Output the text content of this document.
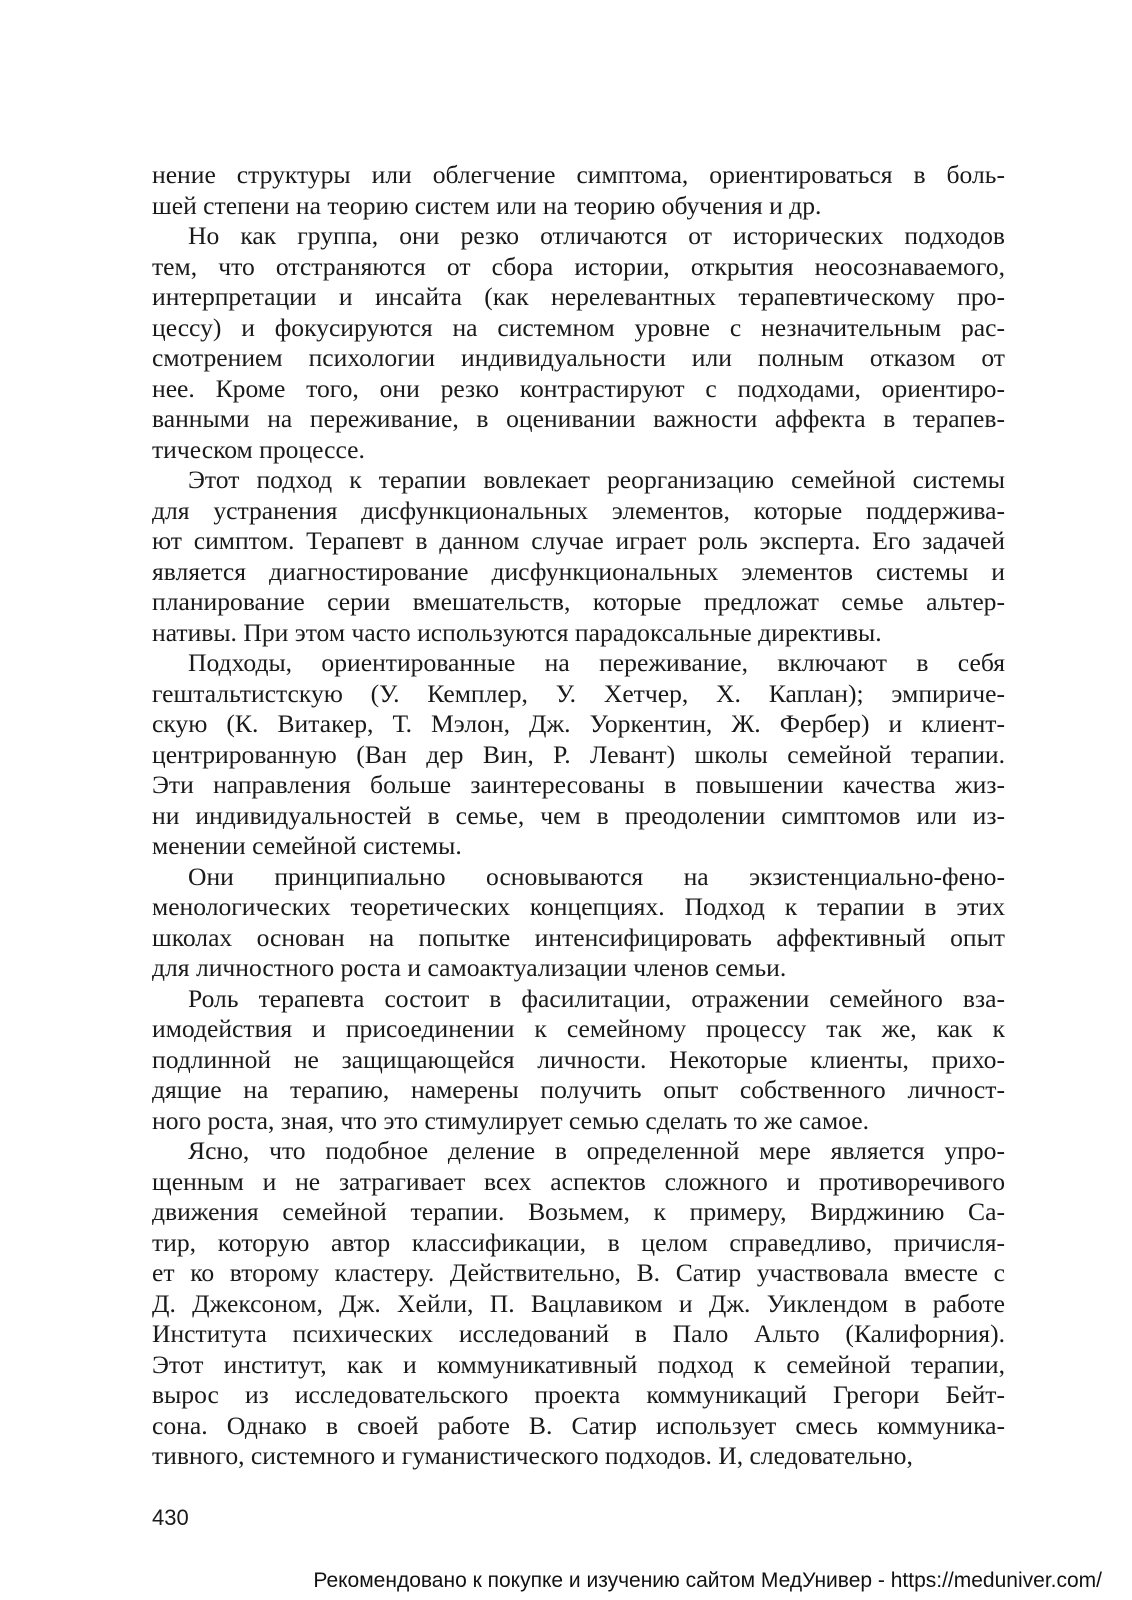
нение структуры или облегчение симптома, ориентироваться в боль-
шей степени на теорию систем или на теорию обучения и др.
Но как группа, они резко отличаются от исторических подходов
тем, что отстраняются от сбора истории, открытия неосознаваемого,
интерпретации и инсайта (как нерелевантных терапевтическому про-
цессу) и фокусируются на системном уровне с незначительным рас-
смотрением психологии индивидуальности или полным отказом от
нее. Кроме того, они резко контрастируют с подходами, ориентиро-
ванными на переживание, в оценивании важности аффекта в терапев-
тическом процессе.
Этот подход к терапии вовлекает реорганизацию семейной системы
для устранения дисфункциональных элементов, которые поддержива-
ют симптом. Терапевт в данном случае играет роль эксперта. Его задачей
является диагностирование дисфункциональных элементов системы и
планирование серии вмешательств, которые предложат семье альтер-
нативы. При этом часто используются парадоксальные директивы.
Подходы, ориентированные на переживание, включают в себя
гештальтистскую (У. Кемплер, У. Хетчер, Х. Каплан); эмпириче-
скую (К. Витакер, Т. Мэлон, Дж. Уоркентин, Ж. Фербер) и клиент-
центрированную (Ван дер Вин, Р. Левант) школы семейной терапии.
Эти направления больше заинтересованы в повышении качества жиз-
ни индивидуальностей в семье, чем в преодолении симптомов или из-
менении семейной системы.
Они принципиально основываются на экзистенциально-фено-
менологических теоретических концепциях. Подход к терапии в этих
школах основан на попытке интенсифицировать аффективный опыт
для личностного роста и самоактуализации членов семьи.
Роль терапевта состоит в фасилитации, отражении семейного вза-
имодействия и присоединении к семейному процессу так же, как к
подлинной не защищающейся личности. Некоторые клиенты, прихо-
дящие на терапию, намерены получить опыт собственного личност-
ного роста, зная, что это стимулирует семью сделать то же самое.
Ясно, что подобное деление в определенной мере является упро-
щенным и не затрагивает всех аспектов сложного и противоречивого
движения семейной терапии. Возьмем, к примеру, Вирджинию Са-
тир, которую автор классификации, в целом справедливо, причисля-
ет ко второму кластеру. Действительно, В. Сатир участвовала вместе с
Д. Джексоном, Дж. Хейли, П. Вацлавиком и Дж. Уиклендом в работе
Института психических исследований в Пало Альто (Калифорния).
Этот институт, как и коммуникативный подход к семейной терапии,
вырос из исследовательского проекта коммуникаций Грегори Бейт-
сона. Однако в своей работе В. Сатир использует смесь коммуника-
тивного, системного и гуманистического подходов. И, следовательно,
430
Рекомендовано к покупке и изучению сайтом МедУнивер - https://meduniver.com/
